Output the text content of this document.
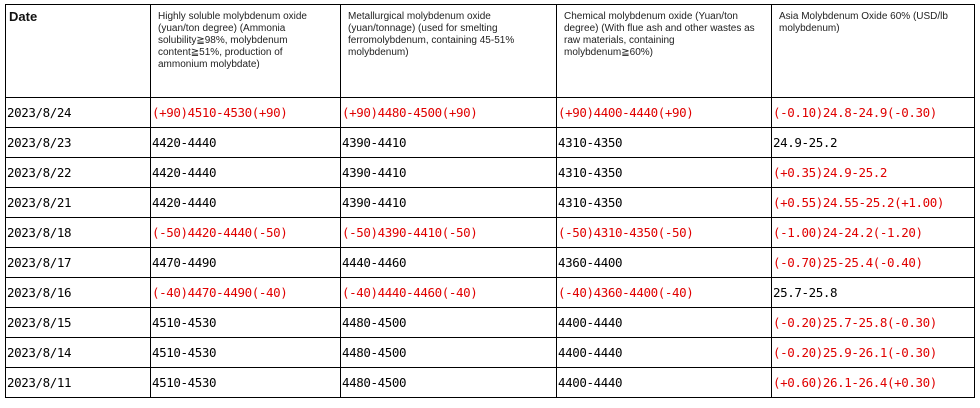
Date	Highly soluble molybdenum oxide (yuan/ton degree) (Ammonia solubility≧98%, molybdenum content≧51%, production of ammonium molybdate)	Metallurgical molybdenum oxide (yuan/tonnage) (used for smelting ferromolybdenum, containing 45-51% molybdenum)	Chemical molybdenum oxide (Yuan/ton degree) (With flue ash and other wastes as raw materials, containing molybdenum≧60%)	Asia Molybdenum Oxide 60% (USD/lb molybdenum)
2023/8/24	(+90)4510-4530(+90)	(+90)4480-4500(+90)	(+90)4400-4440(+90)	(-0.10)24.8-24.9(-0.30)
2023/8/23	4420-4440	4390-4410	4310-4350	24.9-25.2
2023/8/22	4420-4440	4390-4410	4310-4350	(+0.35)24.9-25.2
2023/8/21	4420-4440	4390-4410	4310-4350	(+0.55)24.55-25.2(+1.00)
2023/8/18	(-50)4420-4440(-50)	(-50)4390-4410(-50)	(-50)4310-4350(-50)	(-1.00)24-24.2(-1.20)
2023/8/17	4470-4490	4440-4460	4360-4400	(-0.70)25-25.4(-0.40)
2023/8/16	(-40)4470-4490(-40)	(-40)4440-4460(-40)	(-40)4360-4400(-40)	25.7-25.8
2023/8/15	4510-4530	4480-4500	4400-4440	(-0.20)25.7-25.8(-0.30)
2023/8/14	4510-4530	4480-4500	4400-4440	(-0.20)25.9-26.1(-0.30)
2023/8/11	4510-4530	4480-4500	4400-4440	(+0.60)26.1-26.4(+0.30)
